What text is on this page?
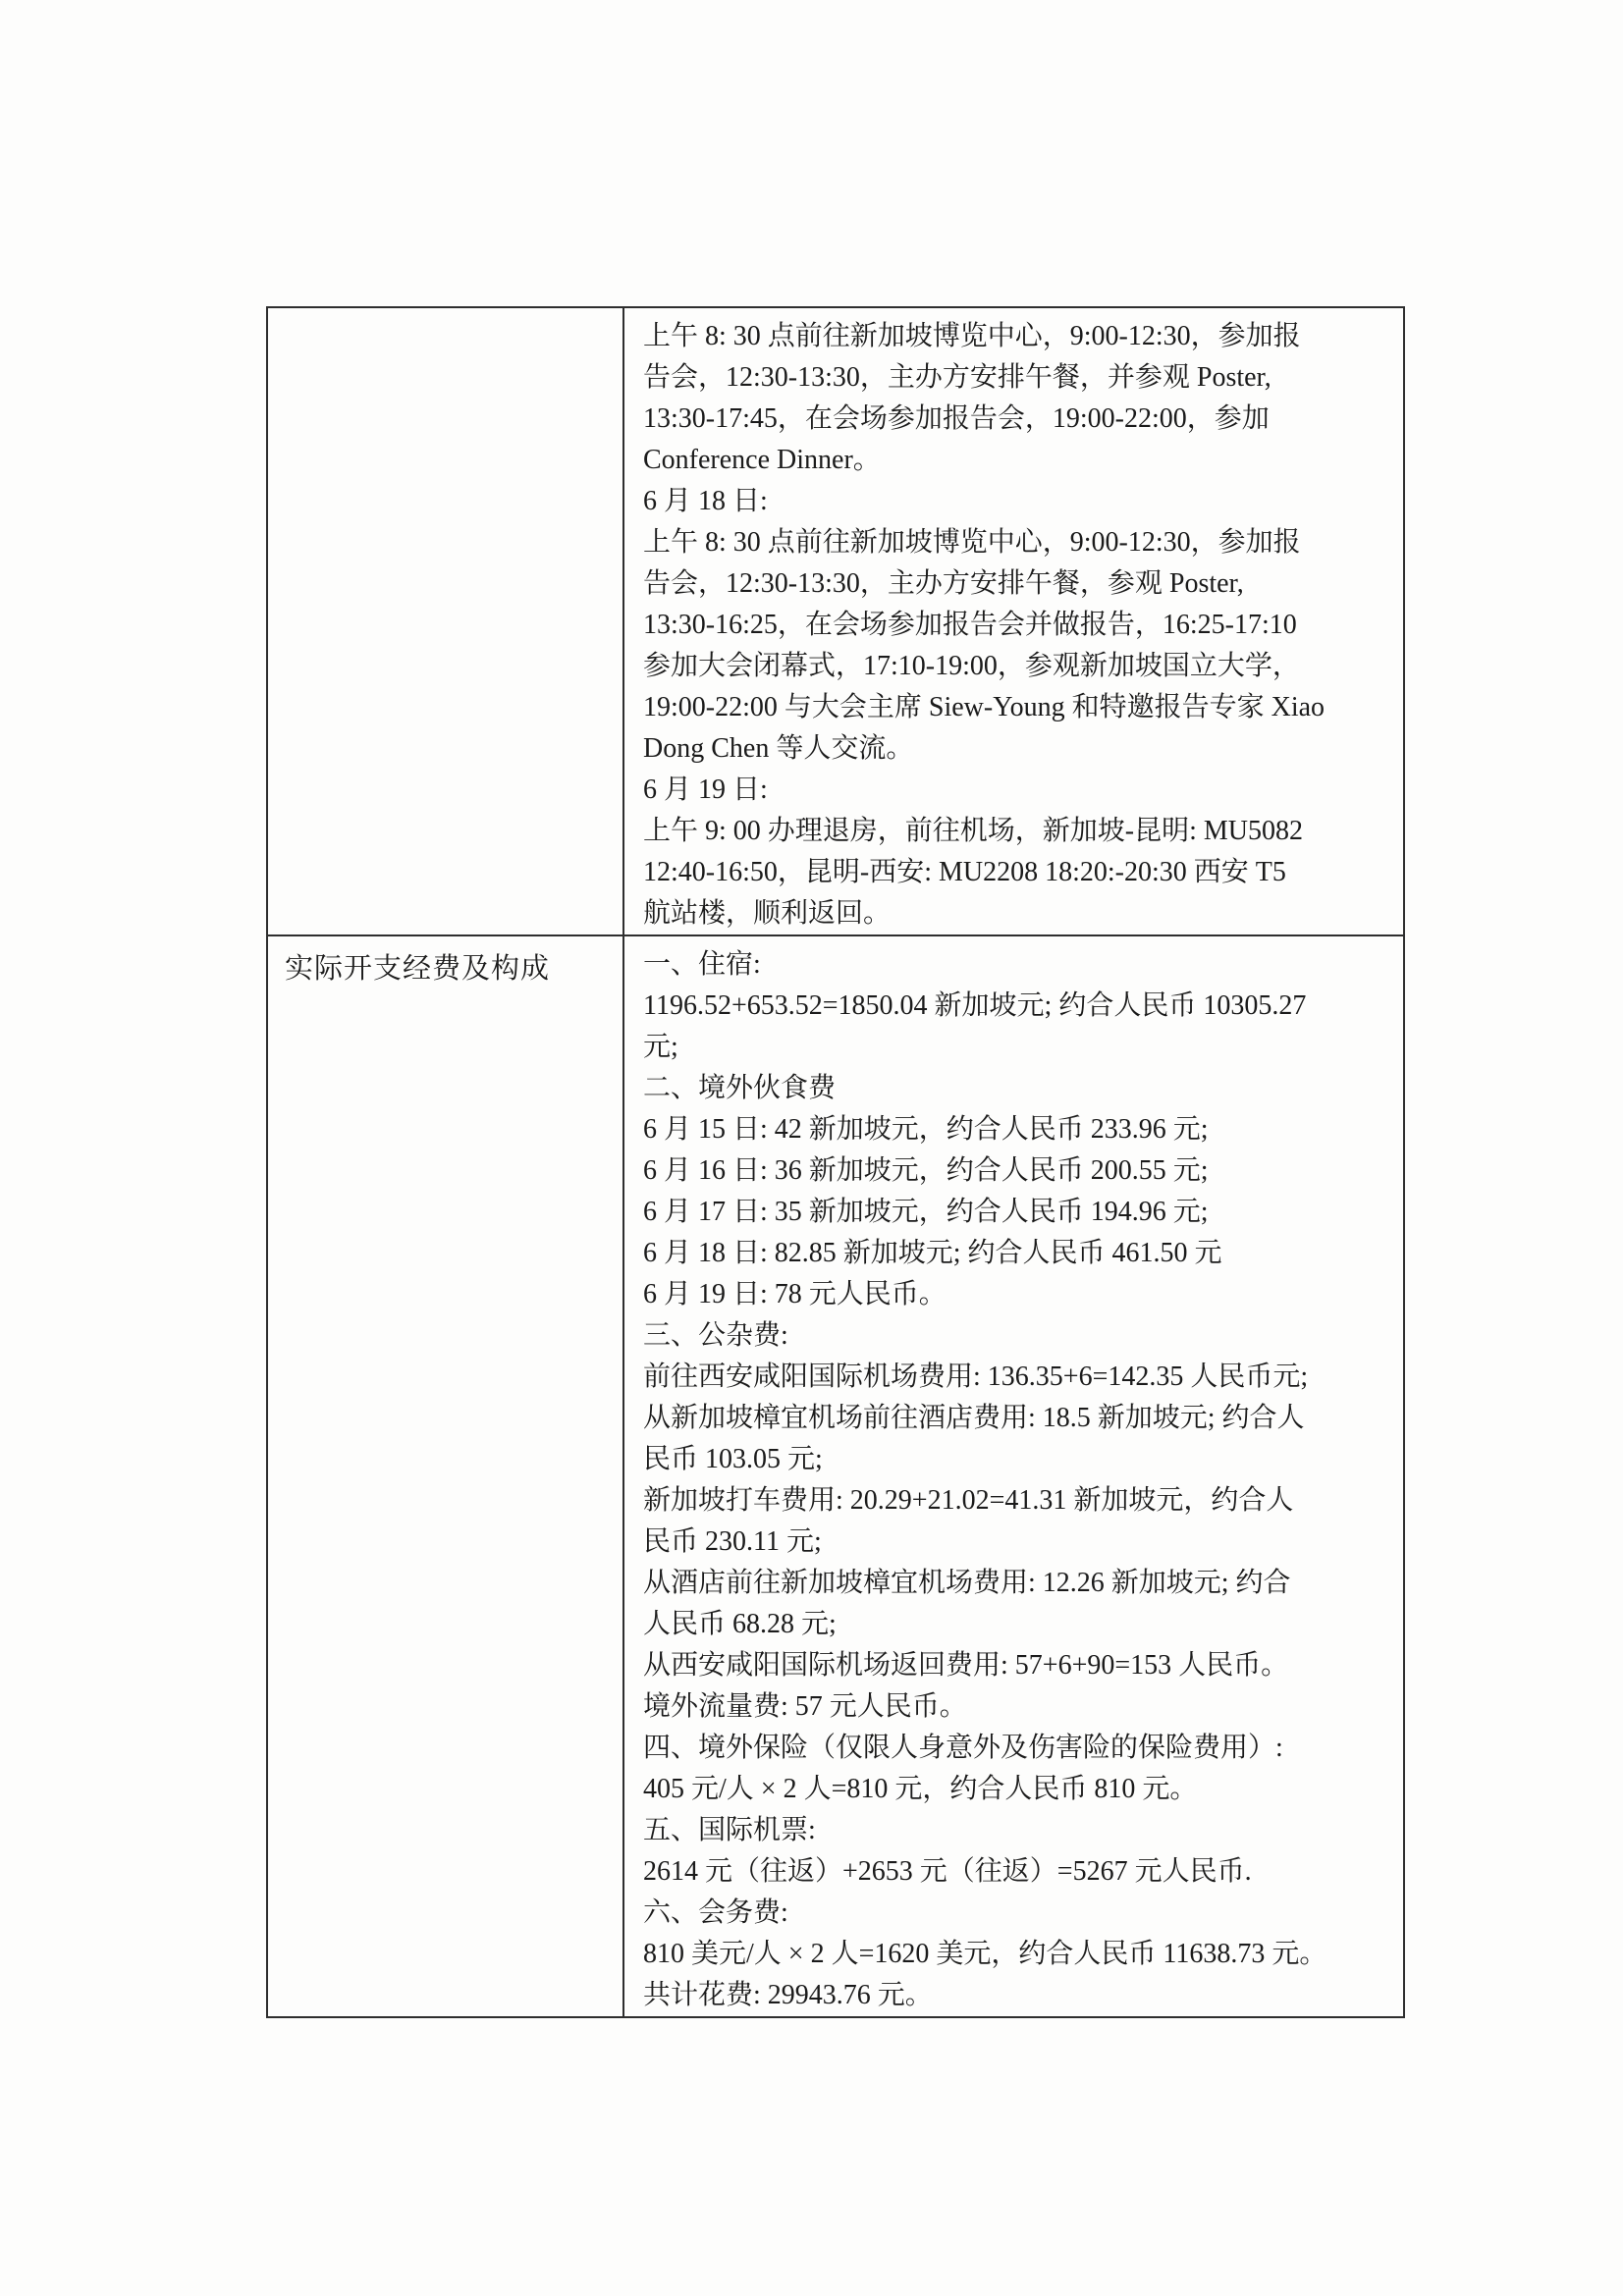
上午 8: 30 点前往新加坡博览中心，9:00-12:30，参加报
告会，12:30-13:30，主办方安排午餐，并参观 Poster,
13:30-17:45，在会场参加报告会，19:00-22:00，参加
Conference Dinner。
6 月 18 日:
上午 8: 30 点前往新加坡博览中心，9:00-12:30，参加报
告会，12:30-13:30，主办方安排午餐，参观 Poster,
13:30-16:25，在会场参加报告会并做报告，16:25-17:10
参加大会闭幕式，17:10-19:00，参观新加坡国立大学，
19:00-22:00 与大会主席 Siew-Young 和特邀报告专家 Xiao
Dong Chen 等人交流。
6 月 19 日:
上午 9: 00 办理退房，前往机场，新加坡-昆明: MU5082
12:40-16:50，昆明-西安: MU2208 18:20:-20:30 西安 T5
航站楼，顺利返回。

实际开支经费及构成	一、住宿:
1196.52+653.52=1850.04 新加坡元; 约合人民币 10305.27
元;
二、境外伙食费
6 月 15 日: 42 新加坡元，约合人民币 233.96 元;
6 月 16 日: 36 新加坡元，约合人民币 200.55 元;
6 月 17 日: 35 新加坡元，约合人民币 194.96 元;
6 月 18 日: 82.85 新加坡元; 约合人民币 461.50 元
6 月 19 日: 78 元人民币。
三、公杂费:
前往西安咸阳国际机场费用: 136.35+6=142.35 人民币元;
从新加坡樟宜机场前往酒店费用: 18.5 新加坡元; 约合人
民币 103.05 元;
新加坡打车费用: 20.29+21.02=41.31 新加坡元，约合人
民币 230.11 元;
从酒店前往新加坡樟宜机场费用: 12.26 新加坡元; 约合
人民币 68.28 元;
从西安咸阳国际机场返回费用: 57+6+90=153 人民币。
境外流量费: 57 元人民币。
四、境外保险（仅限人身意外及伤害险的保险费用）:
405 元/人 × 2 人=810 元，约合人民币 810 元。
五、国际机票:
2614 元（往返）+2653 元（往返）=5267 元人民币.
六、会务费:
810 美元/人 × 2 人=1620 美元，约合人民币 11638.73 元。
共计花费: 29943.76 元。
